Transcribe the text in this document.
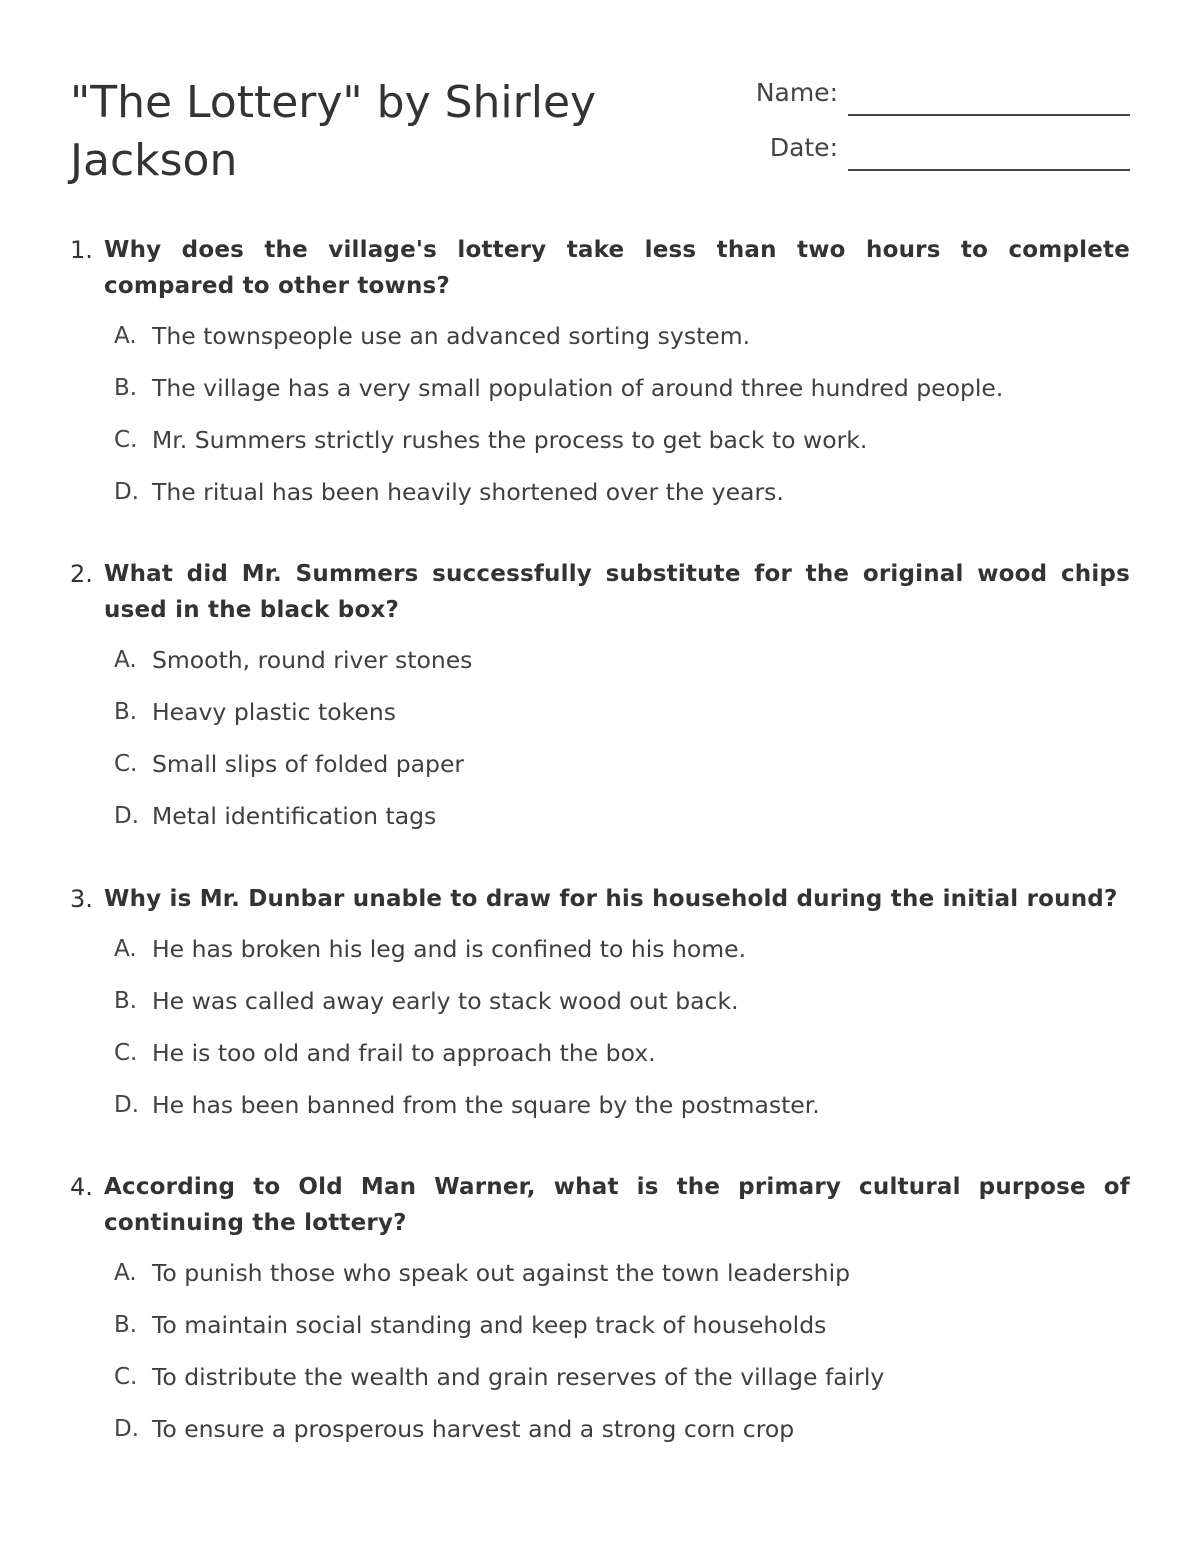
"The Lottery" by Shirley Jackson
Name:
Date:
1. Why does the village's lottery take less than two hours to complete compared to other towns?

A. The townspeople use an advanced sorting system.
B. The village has a very small population of around three hundred people.
C. Mr. Summers strictly rushes the process to get back to work.
D. The ritual has been heavily shortened over the years.
2. What did Mr. Summers successfully substitute for the original wood chips used in the black box?

A. Smooth, round river stones
B. Heavy plastic tokens
C. Small slips of folded paper
D. Metal identification tags
3. Why is Mr. Dunbar unable to draw for his household during the initial round?

A. He has broken his leg and is confined to his home.
B. He was called away early to stack wood out back.
C. He is too old and frail to approach the box.
D. He has been banned from the square by the postmaster.
4. According to Old Man Warner, what is the primary cultural purpose of continuing the lottery?

A. To punish those who speak out against the town leadership
B. To maintain social standing and keep track of households
C. To distribute the wealth and grain reserves of the village fairly
D. To ensure a prosperous harvest and a strong corn crop
